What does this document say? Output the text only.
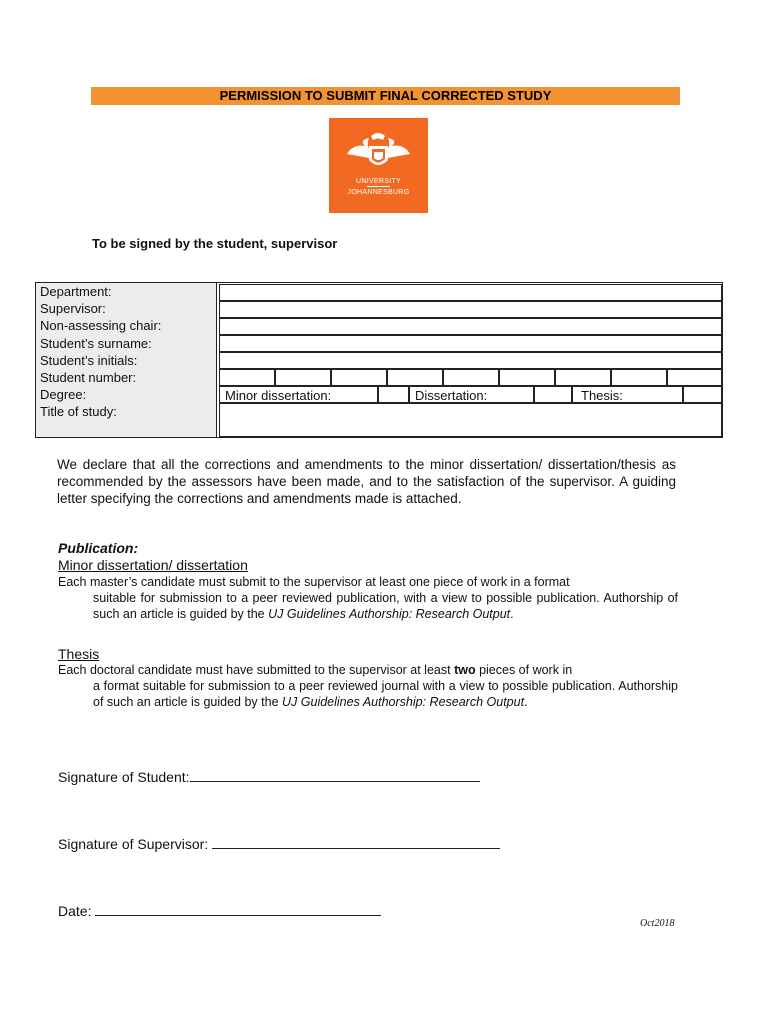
PERMISSION TO SUBMIT FINAL CORRECTED STUDY
UNIVERSITY
JOHANNESBURG
To be signed by the student, supervisor
Department:
Supervisor:
Non-assessing chair:
Student’s surname:
Student’s initials:
Student number:
Degree:
Title of study:
Minor dissertation:	Dissertation:	Thesis:
We declare that all the corrections and amendments to the minor dissertation/ dissertation/thesis as recommended by the assessors have been made, and to the satisfaction of the supervisor. A guiding letter specifying the corrections and amendments made is attached.
Publication:
Minor dissertation/ dissertation
Each master’s candidate must submit to the supervisor at least one piece of work in a format
suitable for submission to a peer reviewed publication, with a view to possible publication. Authorship of such an article is guided by the UJ Guidelines Authorship: Research Output.
Thesis
Each doctoral candidate must have submitted to the supervisor at least two pieces of work in
a format suitable for submission to a peer reviewed journal with a view to possible publication. Authorship of such an article is guided by the UJ Guidelines Authorship: Research Output.
Signature of Student:
Signature of Supervisor:
Date:
Oct2018
